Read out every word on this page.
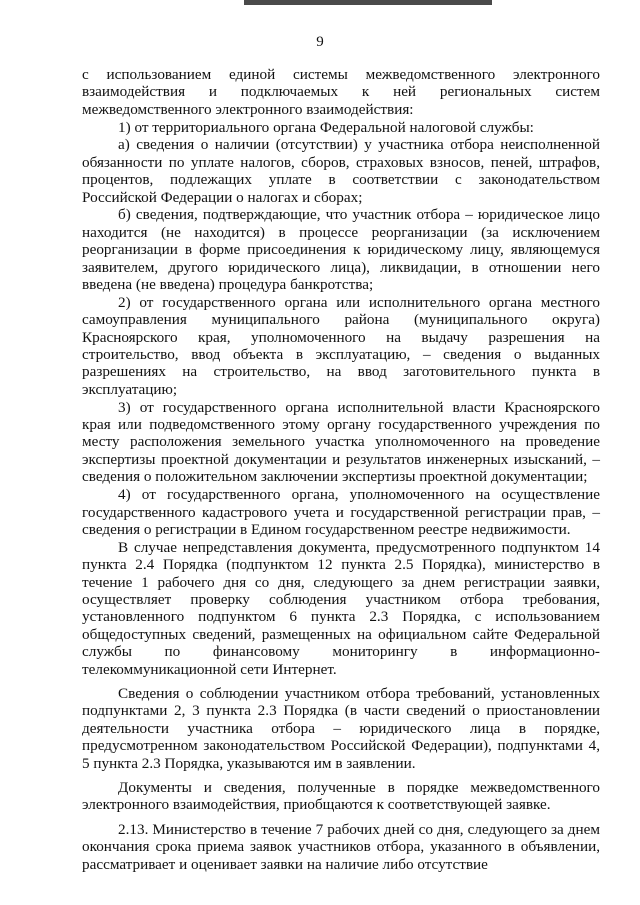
9

с использованием единой системы межведомственного электронного взаимодействия и подключаемых к ней региональных систем межведомственного электронного взаимодействия:

1) от территориального органа Федеральной налоговой службы:

а) сведения о наличии (отсутствии) у участника отбора неисполненной обязанности по уплате налогов, сборов, страховых взносов, пеней, штрафов, процентов, подлежащих уплате в соответствии с законодательством Российской Федерации о налогах и сборах;

б) сведения, подтверждающие, что участник отбора – юридическое лицо находится (не находится) в процессе реорганизации (за исключением реорганизации в форме присоединения к юридическому лицу, являющемуся заявителем, другого юридического лица), ликвидации, в отношении него введена (не введена) процедура банкротства;

2) от государственного органа или исполнительного органа местного самоуправления муниципального района (муниципального округа) Красноярского края, уполномоченного на выдачу разрешения на строительство, ввод объекта в эксплуатацию, – сведения о выданных разрешениях на строительство, на ввод заготовительного пункта в эксплуатацию;

3) от государственного органа исполнительной власти Красноярского края или подведомственного этому органу государственного учреждения по месту расположения земельного участка уполномоченного на проведение экспертизы проектной документации и результатов инженерных изысканий, – сведения о положительном заключении экспертизы проектной документации;

4) от государственного органа, уполномоченного на осуществление государственного кадастрового учета и государственной регистрации прав, – сведения о регистрации в Едином государственном реестре недвижимости.

В случае непредставления документа, предусмотренного подпунктом 14 пункта 2.4 Порядка (подпунктом 12 пункта 2.5 Порядка), министерство в течение 1 рабочего дня со дня, следующего за днем регистрации заявки, осуществляет проверку соблюдения участником отбора требования, установленного подпунктом 6 пункта 2.3 Порядка, с использованием общедоступных сведений, размещенных на официальном сайте Федеральной службы по финансовому мониторингу в информационно-телекоммуникационной сети Интернет.

Сведения о соблюдении участником отбора требований, установленных подпунктами 2, 3 пункта 2.3 Порядка (в части сведений о приостановлении деятельности участника отбора – юридического лица в порядке, предусмотренном законодательством Российской Федерации), подпунктами 4, 5 пункта 2.3 Порядка, указываются им в заявлении.

Документы и сведения, полученные в порядке межведомственного электронного взаимодействия, приобщаются к соответствующей заявке.

2.13. Министерство в течение 7 рабочих дней со дня, следующего за днем окончания срока приема заявок участников отбора, указанного в объявлении, рассматривает и оценивает заявки на наличие либо отсутствие
